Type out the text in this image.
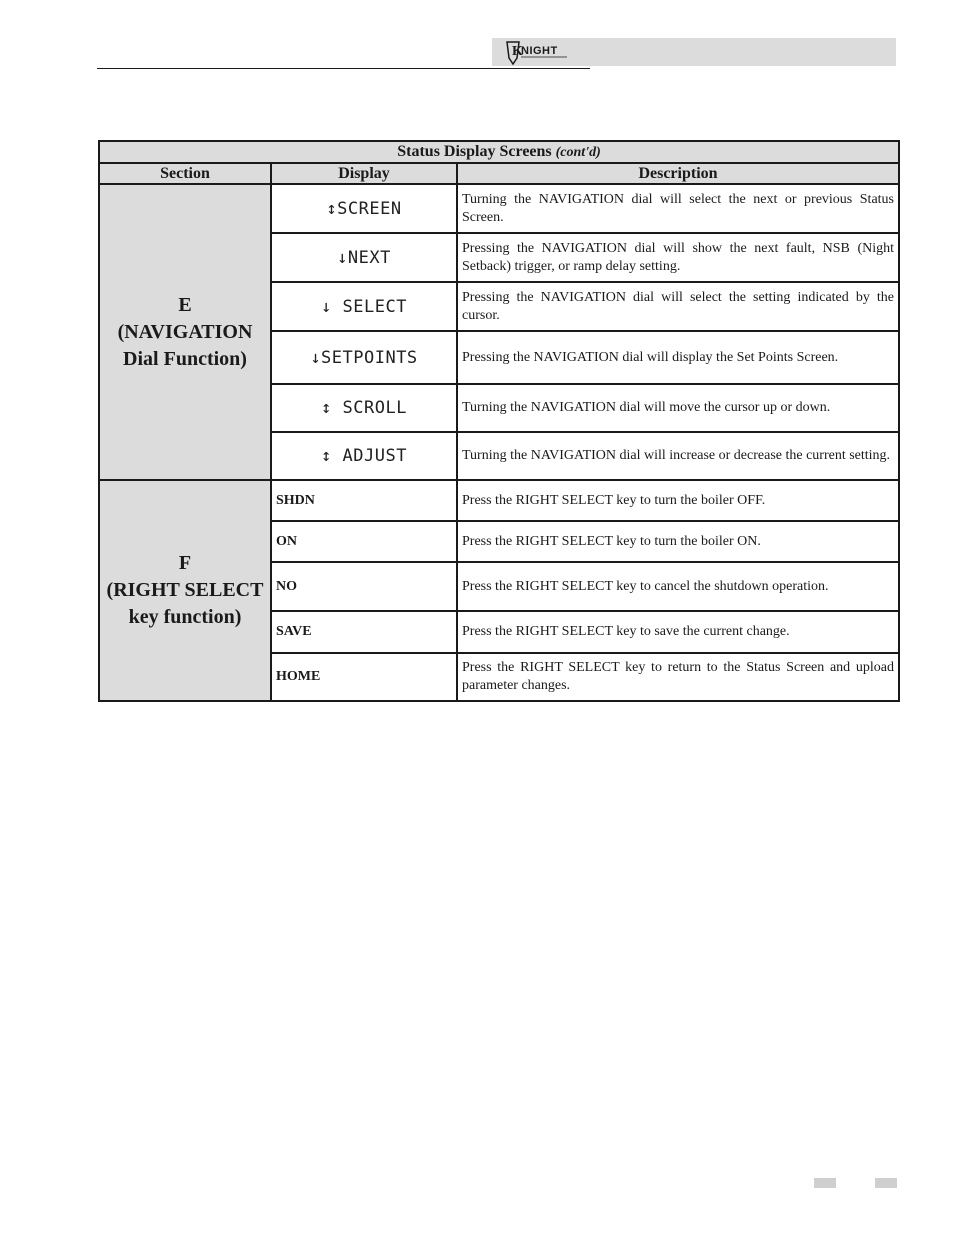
K
NIGHT
Status Display Screens (cont'd)		
Section	Display	Description

E
(NAVIGATION
Dial Function)	↕SCREEN	Turning the NAVIGATION dial will select the next or previous Status Screen.
	↓NEXT	Pressing the NAVIGATION dial will show the next fault, NSB (Night Setback) trigger, or ramp delay setting.
	↓ SELECT	Pressing the NAVIGATION dial will select the setting indicated by the cursor.
	↓SETPOINTS	Pressing the NAVIGATION dial will display the Set Points Screen.
	↕ SCROLL	Turning the NAVIGATION dial will move the cursor up or down.
	↕ ADJUST	Turning the NAVIGATION dial will increase or decrease the current setting.

F
(RIGHT SELECT
key function)	SHDN	Press the RIGHT SELECT key to turn the boiler OFF.
	ON	Press the RIGHT SELECT key to turn the boiler ON.
	NO	Press the RIGHT SELECT key to cancel the shutdown operation.
	SAVE	Press the RIGHT SELECT key to save the current change.
	HOME	Press the RIGHT SELECT key to return to the Status Screen and upload parameter changes.
